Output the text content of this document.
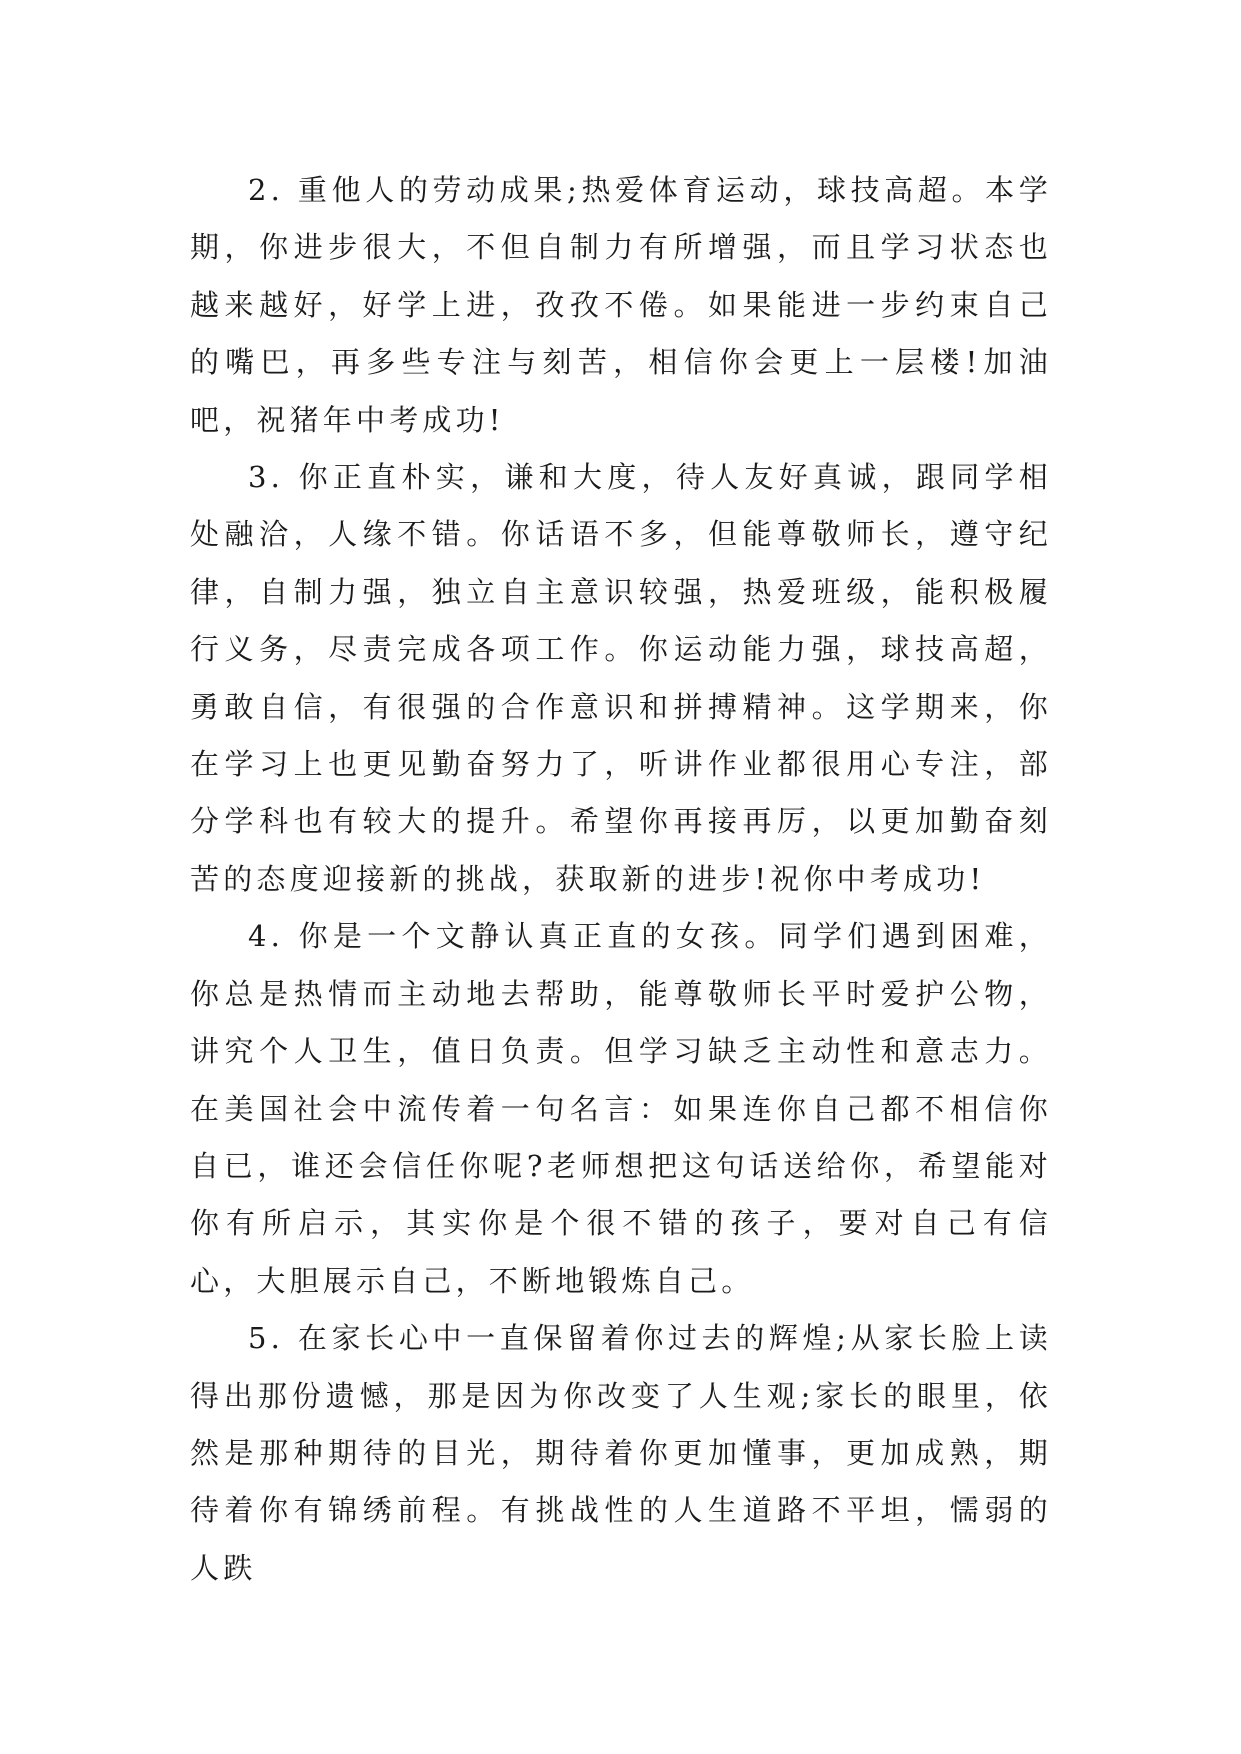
2. 重他人的劳动成果;热爱体育运动，球技高超。本学期，你进步很大，不但自制力有所增强，而且学习状态也越来越好，好学上进，孜孜不倦。如果能进一步约束自己的嘴巴，再多些专注与刻苦，相信你会更上一层楼!加油吧，祝猪年中考成功!

3. 你正直朴实，谦和大度，待人友好真诚，跟同学相处融洽，人缘不错。你话语不多，但能尊敬师长，遵守纪律，自制力强，独立自主意识较强，热爱班级，能积极履行义务，尽责完成各项工作。你运动能力强，球技高超，勇敢自信，有很强的合作意识和拼搏精神。这学期来，你在学习上也更见勤奋努力了，听讲作业都很用心专注，部分学科也有较大的提升。希望你再接再厉，以更加勤奋刻苦的态度迎接新的挑战，获取新的进步!祝你中考成功!

4. 你是一个文静认真正直的女孩。同学们遇到困难，你总是热情而主动地去帮助，能尊敬师长平时爱护公物，讲究个人卫生，值日负责。但学习缺乏主动性和意志力。在美国社会中流传着一句名言：如果连你自己都不相信你自已，谁还会信任你呢?老师想把这句话送给你，希望能对你有所启示，其实你是个很不错的孩子，要对自己有信心，大胆展示自己，不断地锻炼自己。

5. 在家长心中一直保留着你过去的辉煌;从家长脸上读得出那份遗憾，那是因为你改变了人生观;家长的眼里，依然是那种期待的目光，期待着你更加懂事，更加成熟，期待着你有锦绣前程。有挑战性的人生道路不平坦，懦弱的人跌
